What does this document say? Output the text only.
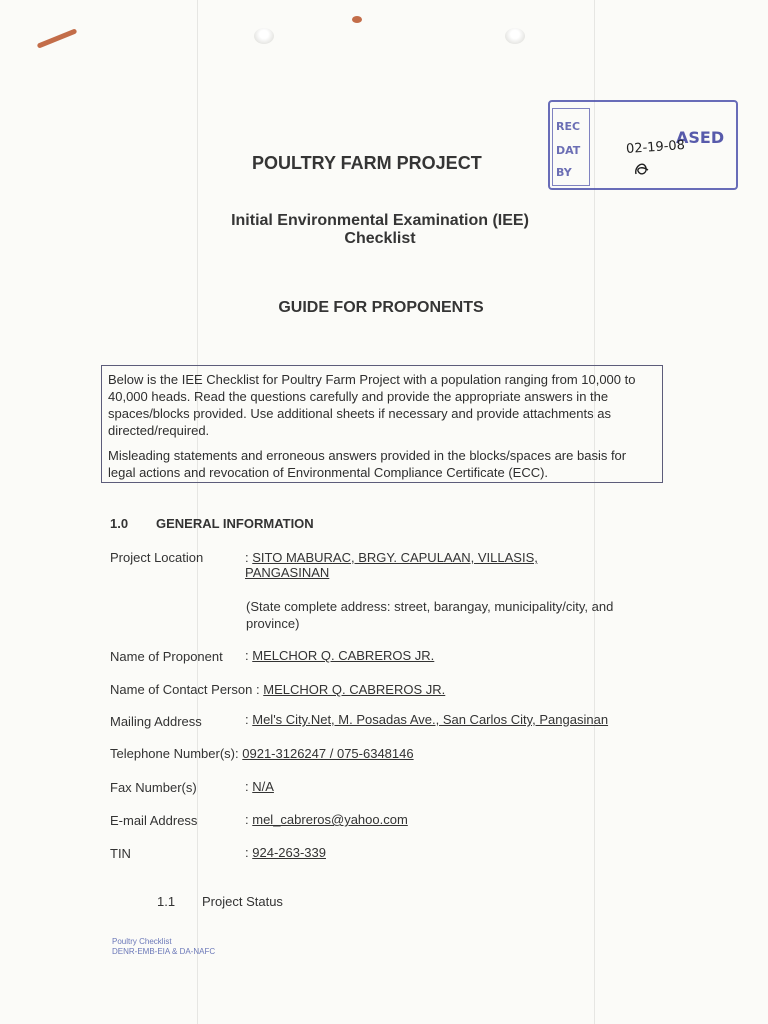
REC
DAT
BY
ASED
02-19-08
POULTRY FARM PROJECT
Initial Environmental Examination (IEE)
Checklist
GUIDE FOR PROPONENTS

Below is the IEE Checklist for Poultry Farm Project with a population ranging from 10,000 to 40,000 heads. Read the questions carefully and provide the appropriate answers in the spaces/blocks provided. Use additional sheets if necessary and provide attachments as directed/required.

Misleading statements and erroneous answers provided in the blocks/spaces are basis for legal actions and revocation of Environmental Compliance Certificate (ECC).

1.0 GENERAL INFORMATION
Project Location	: SITO MABURAC, BRGY. CAPULAAN, VILLASIS,
PANGASINAN
(State complete address: street, barangay, municipality/city, and province)
Name of Proponent : MELCHOR Q. CABREROS JR.
Name of Contact Person : MELCHOR Q. CABREROS JR.
Mailing Address	: Mel's City.Net, M. Posadas Ave., San Carlos City, Pangasinan
Telephone Number(s): 0921-3126247 / 075-6348146
Fax Number(s)	: N/A
E-mail Address	: mel_cabreros@yahoo.com
TIN	: 924-263-339
1.1 Project Status
Poultry Checklist
DENR-EMB-EIA & DA-NAFC
